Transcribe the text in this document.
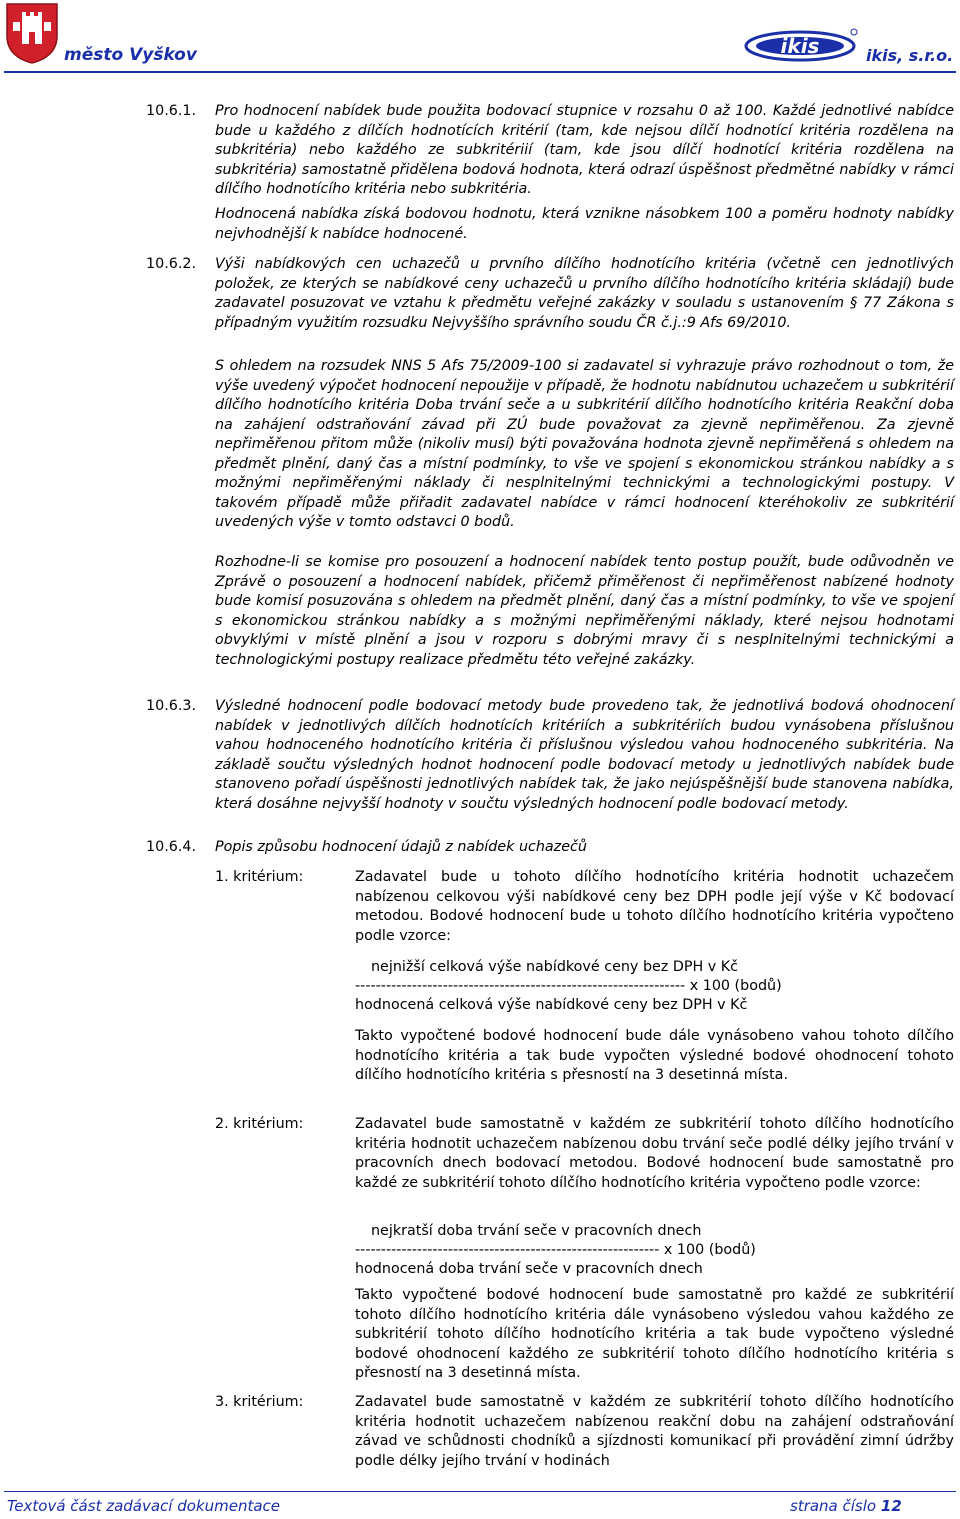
město Vyškov	ikis	ikis, s.r.o.
10.6.1. Pro hodnocení nabídek bude použita bodovací stupnice v rozsahu 0 až 100. Každé jednotlivé nabídce bude u každého z dílčích hodnotících kritérií (tam, kde nejsou dílčí hodnotící kritéria rozdělena na subkritéria) nebo každého ze subkritériií (tam, kde jsou dílčí hodnotící kritéria rozdělena na subkritéria) samostatně přidělena bodová hodnota, která odrazí úspěšnost předmětné nabídky v rámci dílčího hodnotícího kritéria nebo subkritéria.
Hodnocená nabídka získá bodovou hodnotu, která vznikne násobkem 100 a poměru hodnoty nabídky nejvhodnější k nabídce hodnocené.
10.6.2. Výši nabídkových cen uchazečů u prvního dílčího hodnotícího kritéria (včetně cen jednotlivých položek, ze kterých se nabídkové ceny uchazečů u prvního dílčího hodnotícího kritéria skládají) bude zadavatel posuzovat ve vztahu k předmětu veřejné zakázky v souladu s ustanovením § 77 Zákona s případným využitím rozsudku Nejvyššího správního soudu ČR č.j.:9 Afs 69/2010.
S ohledem na rozsudek NNS 5 Afs 75/2009-100 si zadavatel si vyhrazuje právo rozhodnout o tom, že výše uvedený výpočet hodnocení nepoužije v případě, že hodnotu nabídnutou uchazečem u subkritérií dílčího hodnotícího kritéria Doba trvání seče a u subkritérií dílčího hodnotícího kritéria Reakční doba na zahájení odstraňování závad při ZÚ bude považovat za zjevně nepřiměřenou. Za zjevně nepřiměřenou přitom může (nikoliv musí) býti považována hodnota zjevně nepřiměřená s ohledem na předmět plnění, daný čas a místní podmínky, to vše ve spojení s ekonomickou stránkou nabídky a s možnými nepřiměřenými náklady či nesplnitelnými technickými a technologickými postupy. V takovém případě může přiřadit zadavatel nabídce v rámci hodnocení kteréhokoliv ze subkritérií uvedených výše v tomto odstavci 0 bodů.
Rozhodne-li se komise pro posouzení a hodnocení nabídek tento postup použít, bude odůvodněn ve Zprávě o posouzení a hodnocení nabídek, přičemž přiměřenost či nepřiměřenost nabízené hodnoty bude komisí posuzována s ohledem na předmět plnění, daný čas a místní podmínky, to vše ve spojení s ekonomickou stránkou nabídky a s možnými nepřiměřenými náklady, které nejsou hodnotami obvyklými v místě plnění a jsou v rozporu s dobrými mravy či s nesplnitelnými technickými a technologickými postupy realizace předmětu této veřejné zakázky.
10.6.3. Výsledné hodnocení podle bodovací metody bude provedeno tak, že jednotlivá bodová ohodnocení nabídek v jednotlivých dílčích hodnotících kritériích a subkritériích budou vynásobena příslušnou vahou hodnoceného hodnotícího kritéria či příslušnou výsledou vahou hodnoceného subkritéria. Na základě součtu výsledných hodnot hodnocení podle bodovací metody u jednotlivých nabídek bude stanoveno pořadí úspěšnosti jednotlivých nabídek tak, že jako nejúspěšnější bude stanovena nabídka, která dosáhne nejvyšší hodnoty v součtu výsledných hodnocení podle bodovací metody.
10.6.4. Popis způsobu hodnocení údajů z nabídek uchazečů
1. kritérium:	Zadavatel bude u tohoto dílčího hodnotícího kritéria hodnotit uchazečem nabízenou celkovou výši nabídkové ceny bez DPH podle její výše v Kč bodovací metodou. Bodové hodnocení bude u tohoto dílčího hodnotícího kritéria vypočteno podle vzorce:
nejnižší celková výše nabídkové ceny bez DPH v Kč
---------------------------------------------------------------- x 100 (bodů)
hodnocená celková výše nabídkové ceny bez DPH v Kč
Takto vypočtené bodové hodnocení bude dále vynásobeno vahou tohoto dílčího hodnotícího kritéria a tak bude vypočten výsledné bodové ohodnocení tohoto dílčího hodnotícího kritéria s přesností na 3 desetinná místa.
2. kritérium:	Zadavatel bude samostatně v každém ze subkritérií tohoto dílčího hodnotícího kritéria hodnotit uchazečem nabízenou dobu trvání seče podlé délky jejího trvání v pracovních dnech bodovací metodou. Bodové hodnocení bude samostatně pro každé ze subkritérií tohoto dílčího hodnotícího kritéria vypočteno podle vzorce:
nejkratší doba trvání seče v pracovních dnech
----------------------------------------------------------- x 100 (bodů)
hodnocená doba trvání seče v pracovních dnech
Takto vypočtené bodové hodnocení bude samostatně pro každé ze subkritérií tohoto dílčího hodnotícího kritéria dále vynásobeno výsledou vahou každého ze subkritérií tohoto dílčího hodnotícího kritéria a tak bude vypočteno výsledné bodové ohodnocení každého ze subkritérií tohoto dílčího hodnotícího kritéria s přesností na 3 desetinná místa.
3. kritérium:	Zadavatel bude samostatně v každém ze subkritérií tohoto dílčího hodnotícího kritéria hodnotit uchazečem nabízenou reakční dobu na zahájení odstraňování závad ve schůdnosti chodníků a sjízdnosti komunikací při provádění zimní údržby podle délky jejího trvání v hodinách
Textová část zadávací dokumentace	strana číslo 12
